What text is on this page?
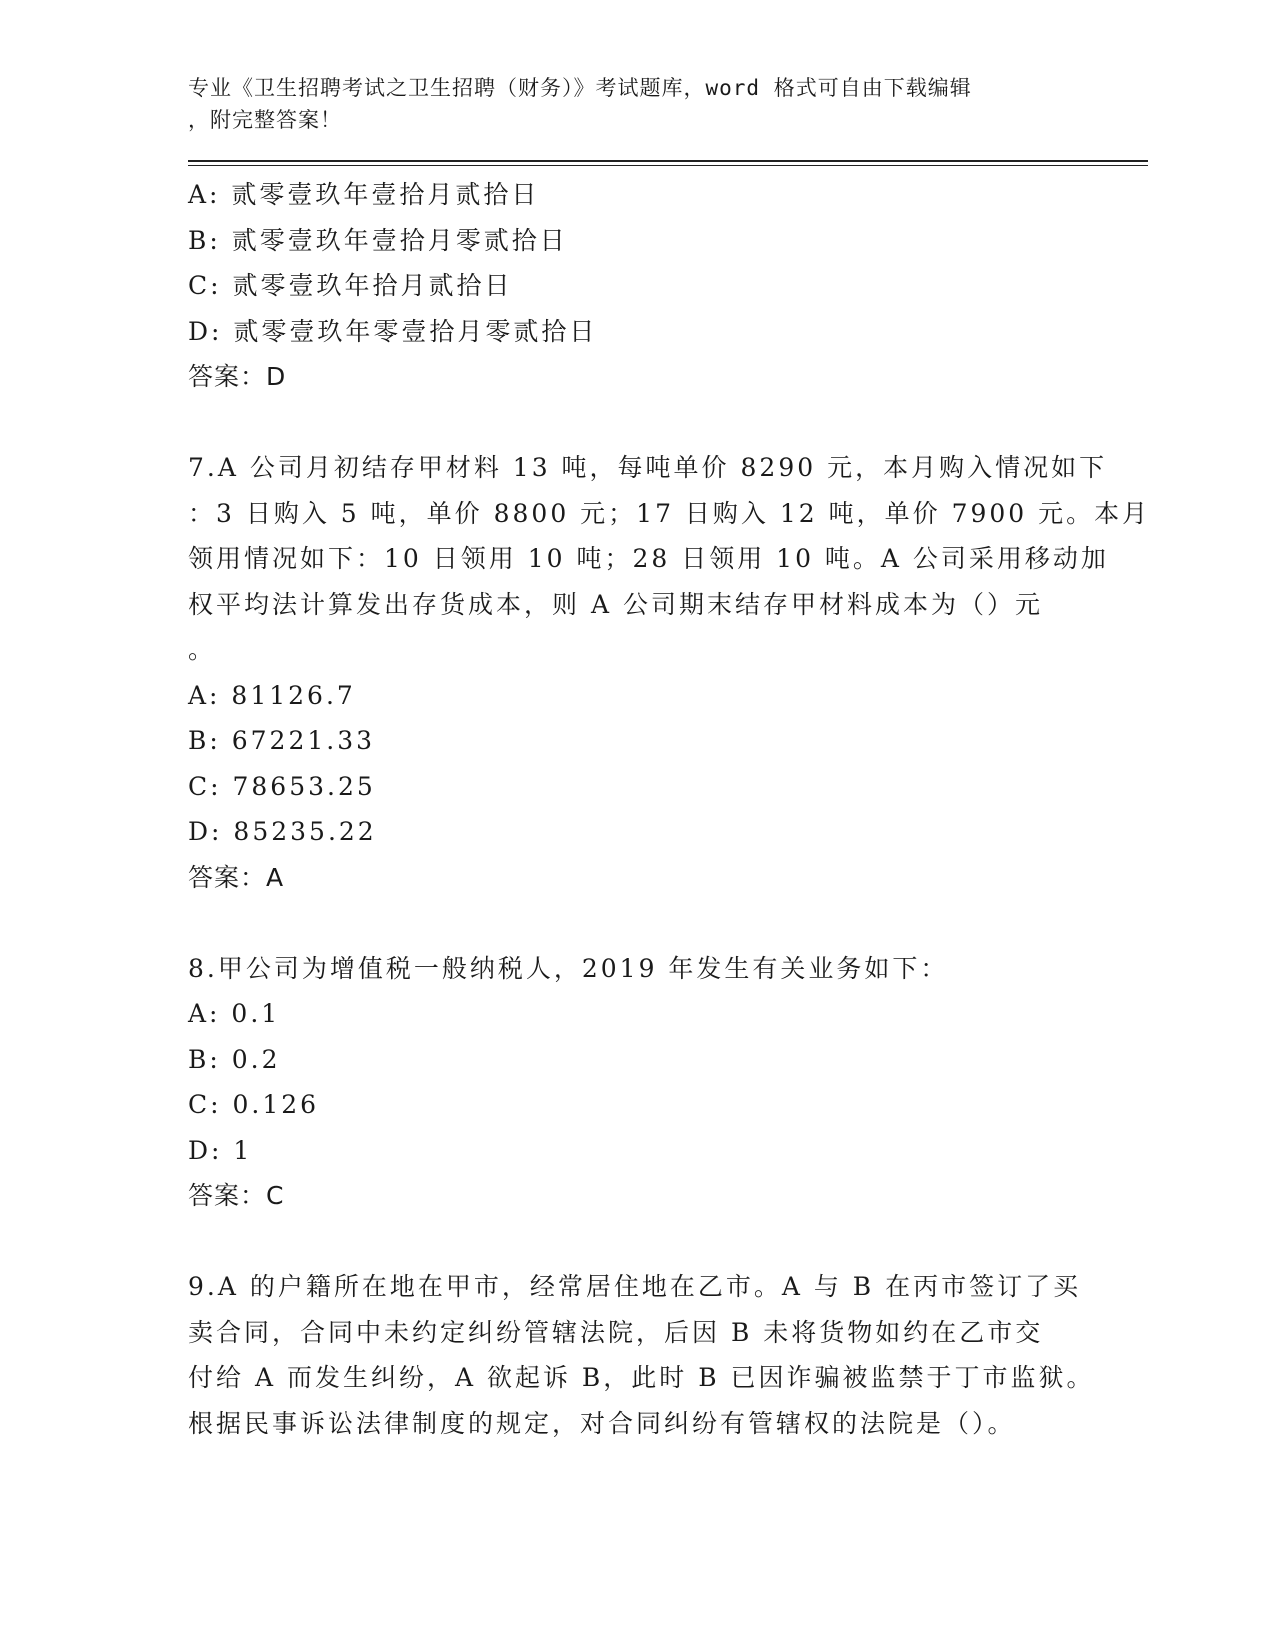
专业《卫生招聘考试之卫生招聘（财务）》考试题库，word 格式可自由下载编辑
，附完整答案！
A: 贰零壹玖年壹拾月贰拾日
B: 贰零壹玖年壹拾月零贰拾日
C: 贰零壹玖年拾月贰拾日
D: 贰零壹玖年零壹拾月零贰拾日
答案：D
7.A 公司月初结存甲材料 13 吨，每吨单价 8290 元，本月购入情况如下
：3 日购入 5 吨，单价 8800 元；17 日购入 12 吨，单价 7900 元。本月
领用情况如下：10 日领用 10 吨；28 日领用 10 吨。A 公司采用移动加
权平均法计算发出存货成本，则 A 公司期末结存甲材料成本为（）元
。
A: 81126.7
B: 67221.33
C: 78653.25
D: 85235.22
答案：A
8.甲公司为增值税一般纳税人，2019 年发生有关业务如下：
A: 0.1
B: 0.2
C: 0.126
D: 1
答案：C
9.A 的户籍所在地在甲市，经常居住地在乙市。A 与 B 在丙市签订了买
卖合同，合同中未约定纠纷管辖法院，后因 B 未将货物如约在乙市交
付给 A 而发生纠纷，A 欲起诉 B，此时 B 已因诈骗被监禁于丁市监狱。
根据民事诉讼法律制度的规定，对合同纠纷有管辖权的法院是（）。
